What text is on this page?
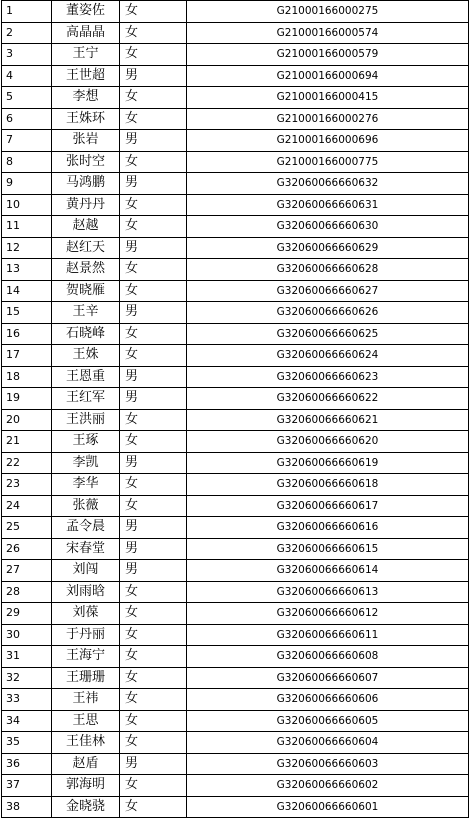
1	董姿佐	女	G21000166000275
2	高晶晶	女	G21000166000574
3	王宁	女	G21000166000579
4	王世超	男	G21000166000694
5	李想	女	G21000166000415
6	王姝环	女	G21000166000276
7	张岩	男	G21000166000696
8	张时空	女	G21000166000775
9	马鸿鹏	男	G32060066660632
10	黄丹丹	女	G32060066660631
11	赵越	女	G32060066660630
12	赵红天	男	G32060066660629
13	赵景然	女	G32060066660628
14	贺晓雁	女	G32060066660627
15	王辛	男	G32060066660626
16	石晓峰	女	G32060066660625
17	王姝	女	G32060066660624
18	王恩重	男	G32060066660623
19	王红军	男	G32060066660622
20	王洪丽	女	G32060066660621
21	王琢	女	G32060066660620
22	李凯	男	G32060066660619
23	李华	女	G32060066660618
24	张薇	女	G32060066660617
25	孟令晨	男	G32060066660616
26	宋春堂	男	G32060066660615
27	刘闯	男	G32060066660614
28	刘雨晗	女	G32060066660613
29	刘葆	女	G32060066660612
30	于丹丽	女	G32060066660611
31	王海宁	女	G32060066660608
32	王珊珊	女	G32060066660607
33	王祎	女	G32060066660606
34	王思	女	G32060066660605
35	王佳林	女	G32060066660604
36	赵盾	男	G32060066660603
37	郭海明	女	G32060066660602
38	金晓骁	女	G32060066660601
